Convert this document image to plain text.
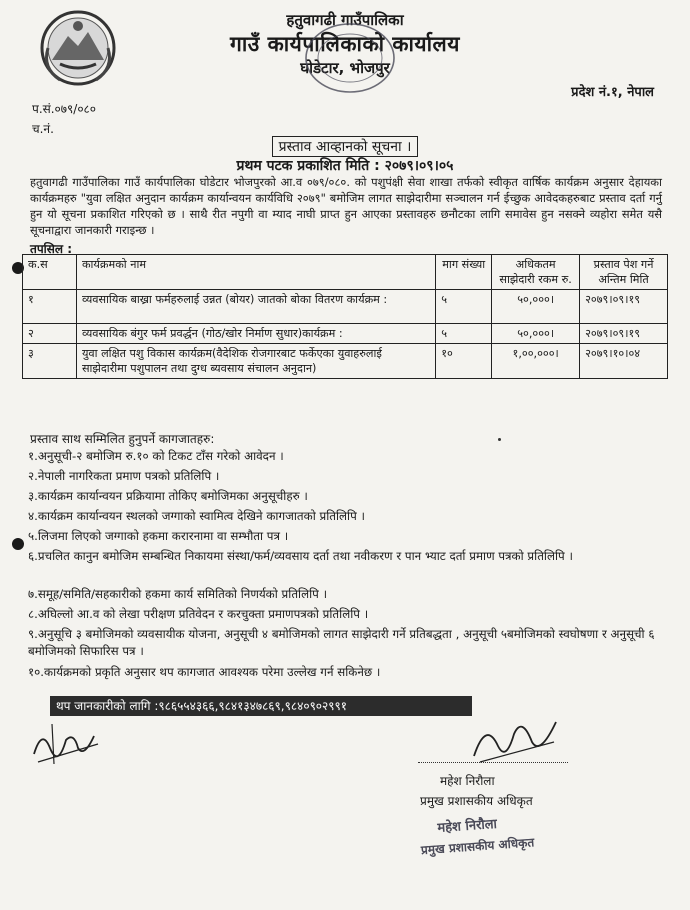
हतुवागढी गाउँपालिका
गाउँ कार्यपालिकाको कार्यालय
घोडेटार, भोजपुर
प्रदेश नं.१, नेपाल
प.सं.०७९/०८०
च.नं.
प्रस्ताव आव्हानको सूचना ।
प्रथम पटक प्रकाशित मिति : २०७९।०९।०५
हतुवागढी गाउँपालिका गाउँ कार्यपालिका घोडेटार भोजपुरको आ.व ०७९/०८०. को पशुपंक्षी सेवा शाखा तर्फको स्वीकृत वार्षिक कार्यक्रम अनुसार देहायका कार्यक्रमहरु "युवा लक्षित अनुदान कार्यक्रम कार्यान्वयन कार्यविधि २०७९" बमोजिम लागत साझेदारीमा सञ्चालन गर्न ईच्छुक आवेदकहरुबाट प्रस्ताव दर्ता गर्नु हुन यो सूचना प्रकाशित गरिएको छ । साथै रीत नपुगी वा म्याद नाघी प्राप्त हुन आएका प्रस्तावहरु छनौटका लागि समावेस हुन नसक्ने व्यहोरा समेत यसै सूचनाद्वारा जानकारी गराइन्छ ।
तपसिल :
क.स	कार्यक्रमको नाम	माग संख्या	अधिकतम साझेदारी रकम रु.	प्रस्ताव पेश गर्ने अन्तिम मिति
१	व्यवसायिक बाख्रा फर्महरुलाई उन्नत (बोयर) जातको बोका वितरण कार्यक्रम :	५	५०,०००।	२०७९।०९।१९
२	व्यवसायिक बंगुर फर्म प्रवर्द्धन (गोठ/खोर निर्माण सुधार)कार्यक्रम :	५	५०,०००।	२०७९।०९।१९
३	युवा लक्षित पशु विकास कार्यक्रम(वैदेशिक रोजगारबाट फर्केएका युवाहरुलाई साझेदारीमा पशुपालन तथा दुग्ध ब्यवसाय संचालन अनुदान)	१०	१,००,०००।	२०७९।१०।०४
प्रस्ताव साथ सम्मिलित हुनुपर्ने कागजातहरु:
१.अनुसूची-२ बमोजिम रु.१० को टिकट टाँस गरेको आवेदन ।
२.नेपाली नागरिकता प्रमाण पत्रको प्रतिलिपि ।
३.कार्यक्रम कार्यान्वयन प्रक्रियामा तोकिए बमोजिमका अनुसूचीहरु ।
४.कार्यक्रम कार्यान्वयन स्थलको जग्गाको स्वामित्व देखिने कागजातको प्रतिलिपि ।
५.लिजमा लिएको जग्गाको हकमा करारनामा वा सम्भौता पत्र ।
६.प्रचलित कानुन बमोजिम सम्बन्धित निकायमा संस्था/फर्म/व्यवसाय दर्ता तथा नवीकरण र पान भ्याट दर्ता प्रमाण पत्रको प्रतिलिपि ।
७.समूह/समिति/सहकारीको हकमा कार्य समितिको निणर्यको प्रतिलिपि ।
८.अघिल्लो आ.व को लेखा परीक्षण प्रतिवेदन र करचुक्ता प्रमाणपत्रको प्रतिलिपि ।
९.अनुसूचि ३ बमोजिमको व्यवसायीक योजना, अनुसूची ४ बमोजिमको लागत साझेदारी गर्ने प्रतिबद्धता , अनुसूची ५बमोजिमको स्वघोषणा र अनुसूची ६ बमोजिमको सिफारिस पत्र ।
१०.कार्यक्रमको प्रकृति अनुसार थप कागजात आवश्यक परेमा उल्लेख गर्न सकिनेछ ।
थप जानकारीको लागि :९८६५५४३६६,९८४१३४७८६९,९८४०९०२९९१
महेश निरौला
प्रमुख प्रशासकीय अधिकृत
महेश निरौला
प्रमुख प्रशासकीय अधिकृत
